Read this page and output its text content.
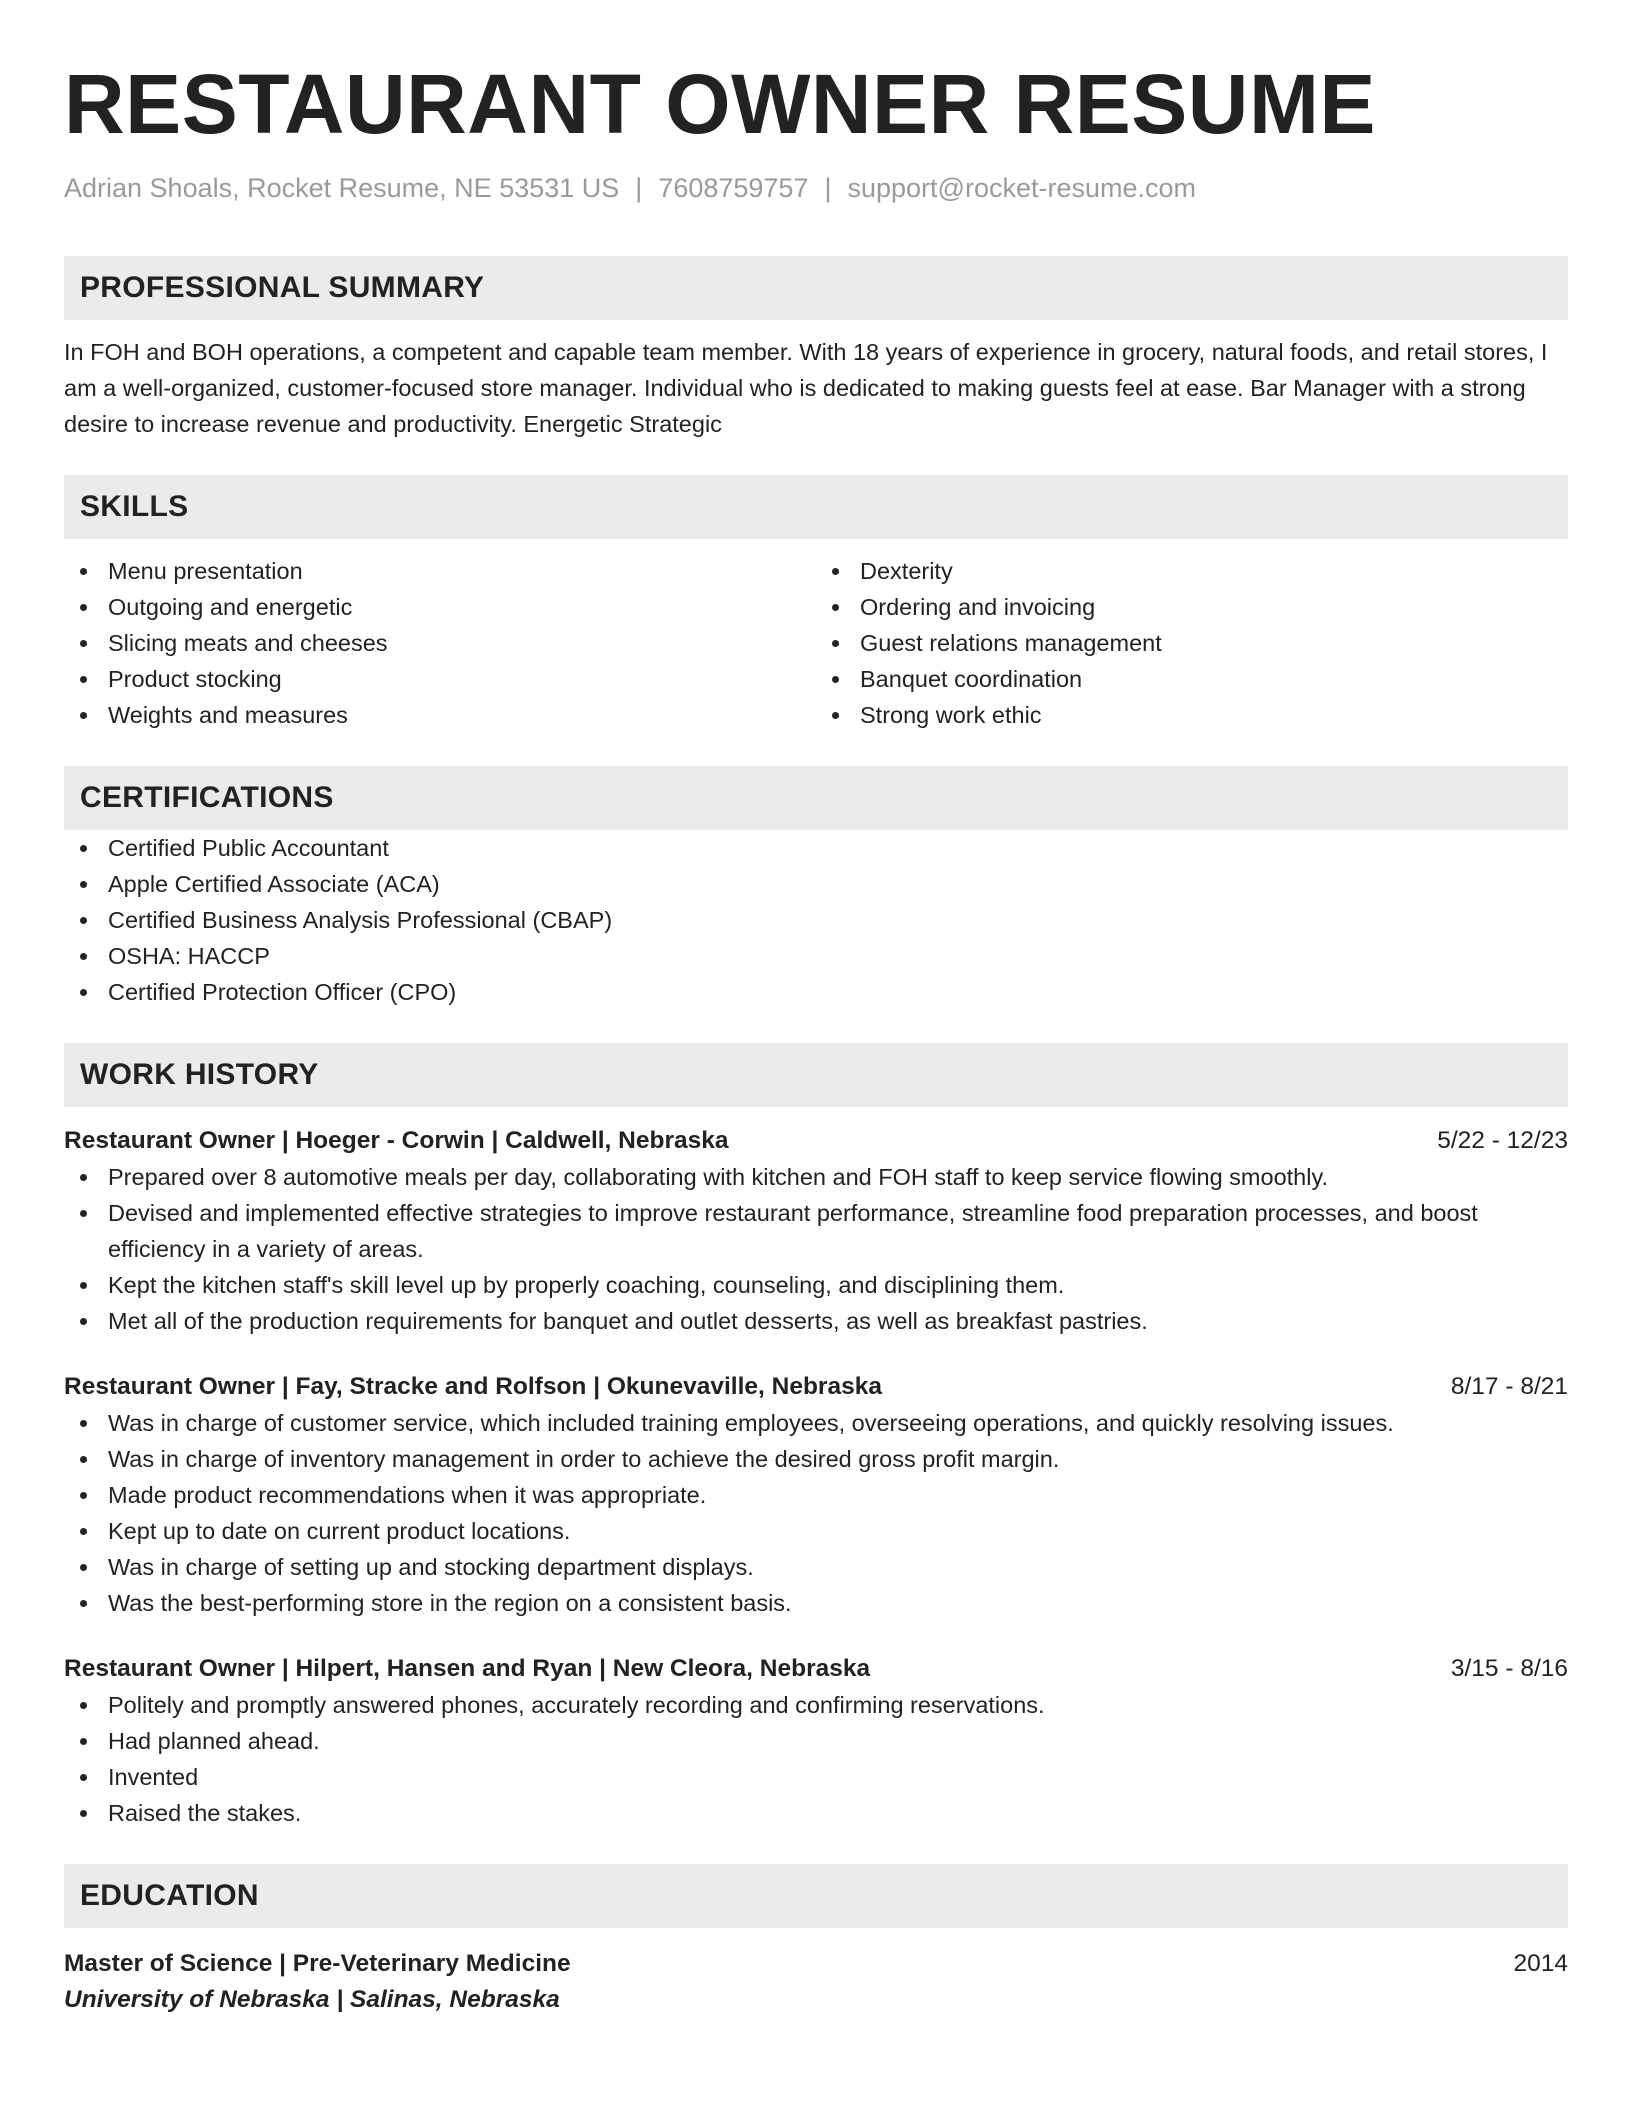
RESTAURANT OWNER RESUME
Adrian Shoals, Rocket Resume, NE 53531 US | 7608759757 | support@rocket-resume.com
PROFESSIONAL SUMMARY
In FOH and BOH operations, a competent and capable team member. With 18 years of experience in grocery, natural foods, and retail stores, I am a well-organized, customer-focused store manager. Individual who is dedicated to making guests feel at ease. Bar Manager with a strong desire to increase revenue and productivity. Energetic Strategic
SKILLS
Menu presentation
Outgoing and energetic
Slicing meats and cheeses
Product stocking
Weights and measures
Dexterity
Ordering and invoicing
Guest relations management
Banquet coordination
Strong work ethic
CERTIFICATIONS
Certified Public Accountant
Apple Certified Associate (ACA)
Certified Business Analysis Professional (CBAP)
OSHA: HACCP
Certified Protection Officer (CPO)
WORK HISTORY
Restaurant Owner | Hoeger - Corwin | Caldwell, Nebraska	5/22 - 12/23
Prepared over 8 automotive meals per day, collaborating with kitchen and FOH staff to keep service flowing smoothly.
Devised and implemented effective strategies to improve restaurant performance, streamline food preparation processes, and boost efficiency in a variety of areas.
Kept the kitchen staff's skill level up by properly coaching, counseling, and disciplining them.
Met all of the production requirements for banquet and outlet desserts, as well as breakfast pastries.
Restaurant Owner | Fay, Stracke and Rolfson | Okunevaville, Nebraska	8/17 - 8/21
Was in charge of customer service, which included training employees, overseeing operations, and quickly resolving issues.
Was in charge of inventory management in order to achieve the desired gross profit margin.
Made product recommendations when it was appropriate.
Kept up to date on current product locations.
Was in charge of setting up and stocking department displays.
Was the best-performing store in the region on a consistent basis.
Restaurant Owner | Hilpert, Hansen and Ryan | New Cleora, Nebraska	3/15 - 8/16
Politely and promptly answered phones, accurately recording and confirming reservations.
Had planned ahead.
Invented
Raised the stakes.
EDUCATION
Master of Science | Pre-Veterinary Medicine	2014
University of Nebraska | Salinas, Nebraska
